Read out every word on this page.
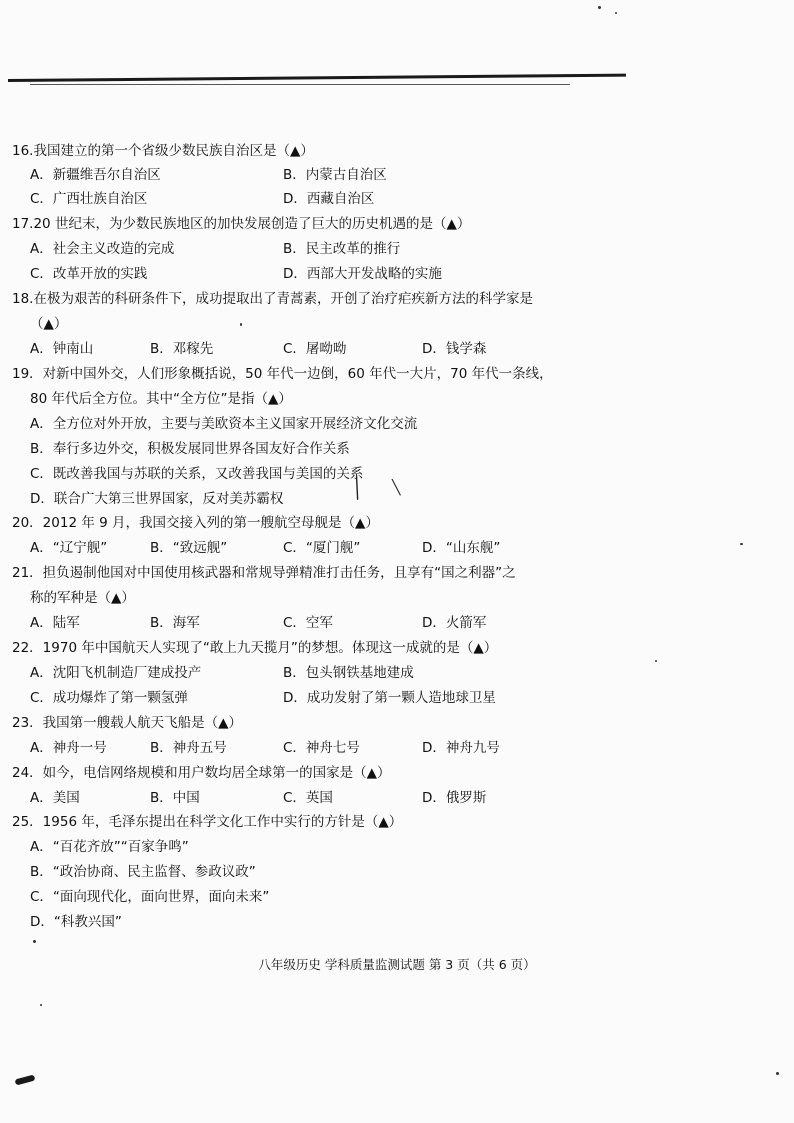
16.我国建立的第一个省级少数民族自治区是（▲）
A．新疆维吾尔自治区	B．内蒙古自治区
C．广西壮族自治区	D．西藏自治区
17.20 世纪末，为少数民族地区的加快发展创造了巨大的历史机遇的是（▲）
A．社会主义改造的完成	B．民主改革的推行
C．改革开放的实践	D．西部大开发战略的实施
18.在极为艰苦的科研条件下，成功提取出了青蒿素，开创了治疗疟疾新方法的科学家是
（▲）
A．钟南山	B．邓稼先	C．屠呦呦	D．钱学森
19．对新中国外交，人们形象概括说，50 年代一边倒，60 年代一大片，70 年代一条线，
80 年代后全方位。其中“全方位”是指（▲）
A．全方位对外开放，主要与美欧资本主义国家开展经济文化交流
B．奉行多边外交，积极发展同世界各国友好合作关系
C．既改善我国与苏联的关系，又改善我国与美国的关系
D．联合广大第三世界国家，反对美苏霸权
20．2012 年 9 月，我国交接入列的第一艘航空母舰是（▲）
A．“辽宁舰”	B．“致远舰”	C．“厦门舰”	D．“山东舰”
21．担负遏制他国对中国使用核武器和常规导弹精准打击任务，且享有“国之利器”之
称的军种是（▲）
A．陆军	B．海军	C．空军	D．火箭军
22．1970 年中国航天人实现了“敢上九天揽月”的梦想。体现这一成就的是（▲）
A．沈阳飞机制造厂建成投产	B．包头钢铁基地建成
C．成功爆炸了第一颗氢弹	D．成功发射了第一颗人造地球卫星
23．我国第一艘载人航天飞船是（▲）
A．神舟一号	B．神舟五号	C．神舟七号	D．神舟九号
24．如今，电信网络规模和用户数均居全球第一的国家是（▲）
A．美国	B．中国	C．英国	D．俄罗斯
25．1956 年，毛泽东提出在科学文化工作中实行的方针是（▲）
A．“百花齐放”“百家争鸣”
B．“政治协商、民主监督、参政议政”
C．“面向现代化，面向世界，面向未来”
D．“科教兴国”
八年级历史 学科质量监测试题 第 3 页（共 6 页）
╱ ╲
